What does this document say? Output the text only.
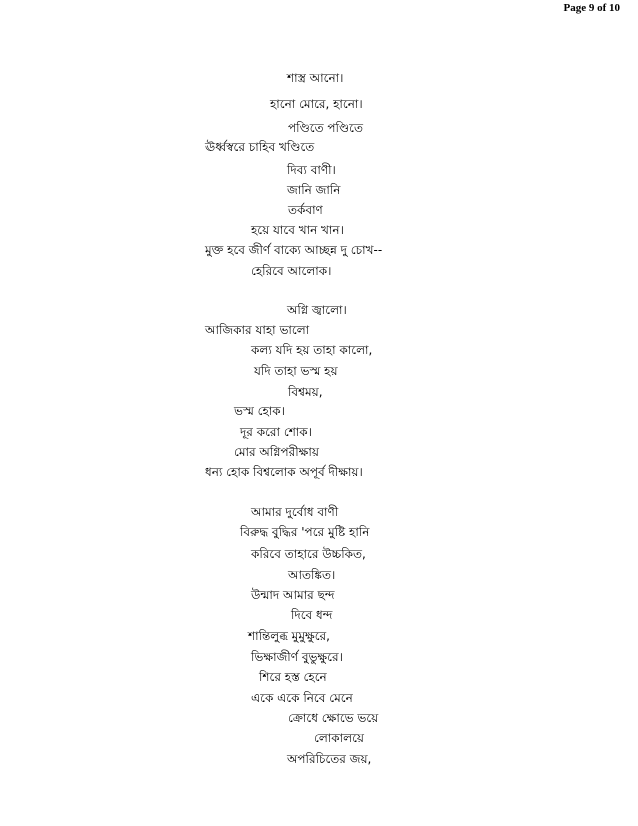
Page 9 of 10
শাস্ত্র আনো।
হানো মোরে, হানো।
পণ্ডিতে পণ্ডিতে
ঊর্ধ্বস্বরে চাহিব খণ্ডিতে
দিব্য বাণী।
জানি জানি
তর্কবাণ
হয়ে যাবে খান খান।
মুক্ত হবে জীর্ণ বাক্যে আচ্ছন্ন দু চোখ--
হেরিবে আলোক।
অগ্নি জ্বালো।
আজিকার যাহা ভালো
কল্য যদি হয় তাহা কালো,
যদি তাহা ভস্ম হয়
বিশ্বময়,
ভস্ম হোক।
দূর করো শোক।
মোর অগ্নিপরীক্ষায়
ধন্য হোক বিশ্বলোক অপূর্ব দীক্ষায়।
আমার দুর্বোধ বাণী
বিরুদ্ধ বুদ্ধির 'পরে মুষ্টি হানি
করিবে তাহারে উচ্চকিত,
আতঙ্কিত।
উন্মাদ আমার ছন্দ
দিবে ধন্দ
শান্তিলুব্ধ মুমুক্ষুরে,
ভিক্ষাজীর্ণ বুভুক্ষুরে।
শিরে হস্ত হেনে
একে একে নিবে মেনে
ক্রোধে ক্ষোভে ভয়ে
লোকালয়ে
অপরিচিতের জয়,
